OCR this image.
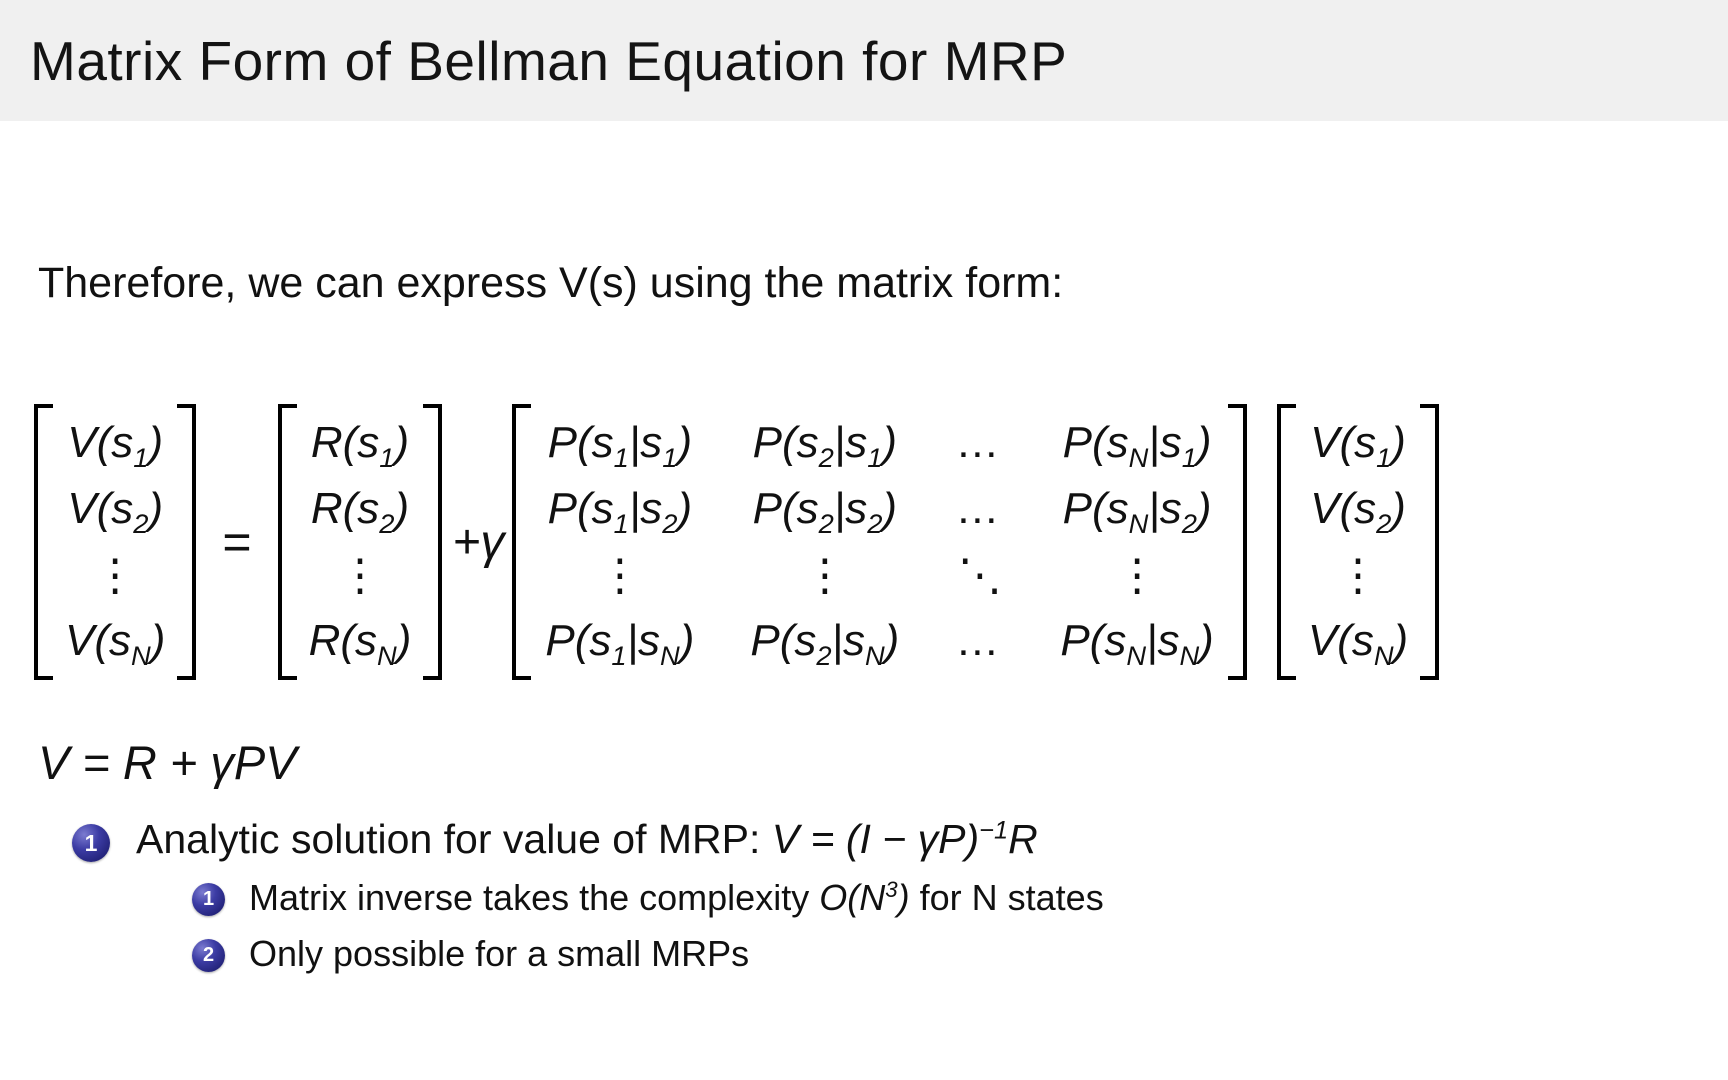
Matrix Form of Bellman Equation for MRP
Therefore, we can express V(s) using the matrix form:
$V(s_1)$
$V(s_2)$
⋮
$V(s_N)$
=
$R(s_1)$
$R(s_2)$
⋮
$R(s_N)$
+γ
$P(s_1|s_1)$ $P(s_2|s_1)$ … $P(s_N|s_1)$
$P(s_1|s_2)$ $P(s_2|s_2)$ … $P(s_N|s_2)$
⋮	⋮	⋱	⋮
$P(s_1|s_N)$ $P(s_2|s_N)$ … $P(s_N|s_N)$
$V(s_1)$
$V(s_2)$
⋮
$V(s_N)$
V = R + γPV
1 Analytic solution for value of MRP: $V = (I - \gamma P)^{-1}R$
1 Matrix inverse takes the complexity $O(N^3)$ for N states
2 Only possible for a small MRPs
